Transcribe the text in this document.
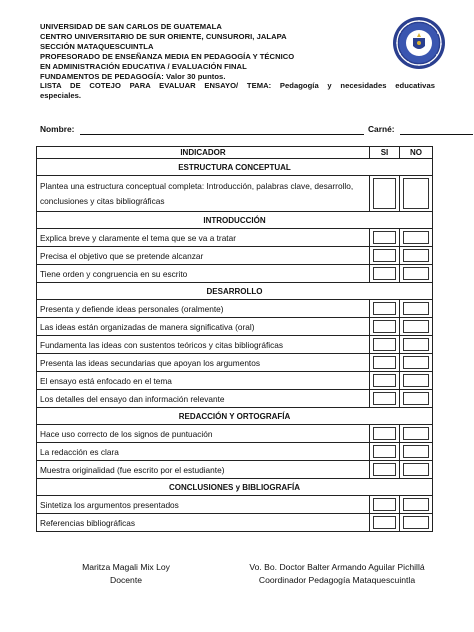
UNIVERSIDAD DE SAN CARLOS DE GUATEMALA
CENTRO UNIVERSITARIO DE SUR ORIENTE, CUNSURORI, JALAPA
SECCIÓN MATAQUESCUINTLA
PROFESORADO DE ENSEÑANZA MEDIA EN PEDAGOGÍA Y TÉCNICO
EN ADMINISTRACIÓN EDUCATIVA / EVALUACIÓN FINAL
FUNDAMENTOS DE PEDAGOGÍA: Valor 30 puntos.
LISTA DE COTEJO PARA EVALUAR ENSAYO/ TEMA: Pedagogía y necesidades educativas
especiales.
Nombre:	Carné:
INDICADOR	SI	NO
ESTRUCTURA CONCEPTUAL		
Plantea una estructura conceptual completa: Introducción, palabras clave, desarrollo, conclusiones y citas bibliográficas	

INTRODUCCIÓN		
Explica breve y claramente el tema que se va a tratar	

Precisa el objetivo que se pretende alcanzar	

Tiene orden y congruencia en su escrito	

DESARROLLO		
Presenta y defiende ideas personales (oralmente)	

Las ideas están organizadas de manera significativa (oral)	

Fundamenta las ideas con sustentos teóricos y citas bibliográficas	

Presenta las ideas secundarias que apoyan los argumentos	

El ensayo está enfocado en el tema	

Los detalles del ensayo dan información relevante	

REDACCIÓN Y ORTOGRAFÍA		
Hace uso correcto de los signos de puntuación	

La redacción es clara	

Muestra originalidad (fue escrito por el estudiante)	

CONCLUSIONES y BIBLIOGRAFÍA		
Sintetiza los argumentos presentados	

Referencias bibliográficas	

Maritza Magali Mix Loy
Docente
Vo. Bo. Doctor Balter Armando Aguilar Pichillá
Coordinador Pedagogía Mataquescuintla
